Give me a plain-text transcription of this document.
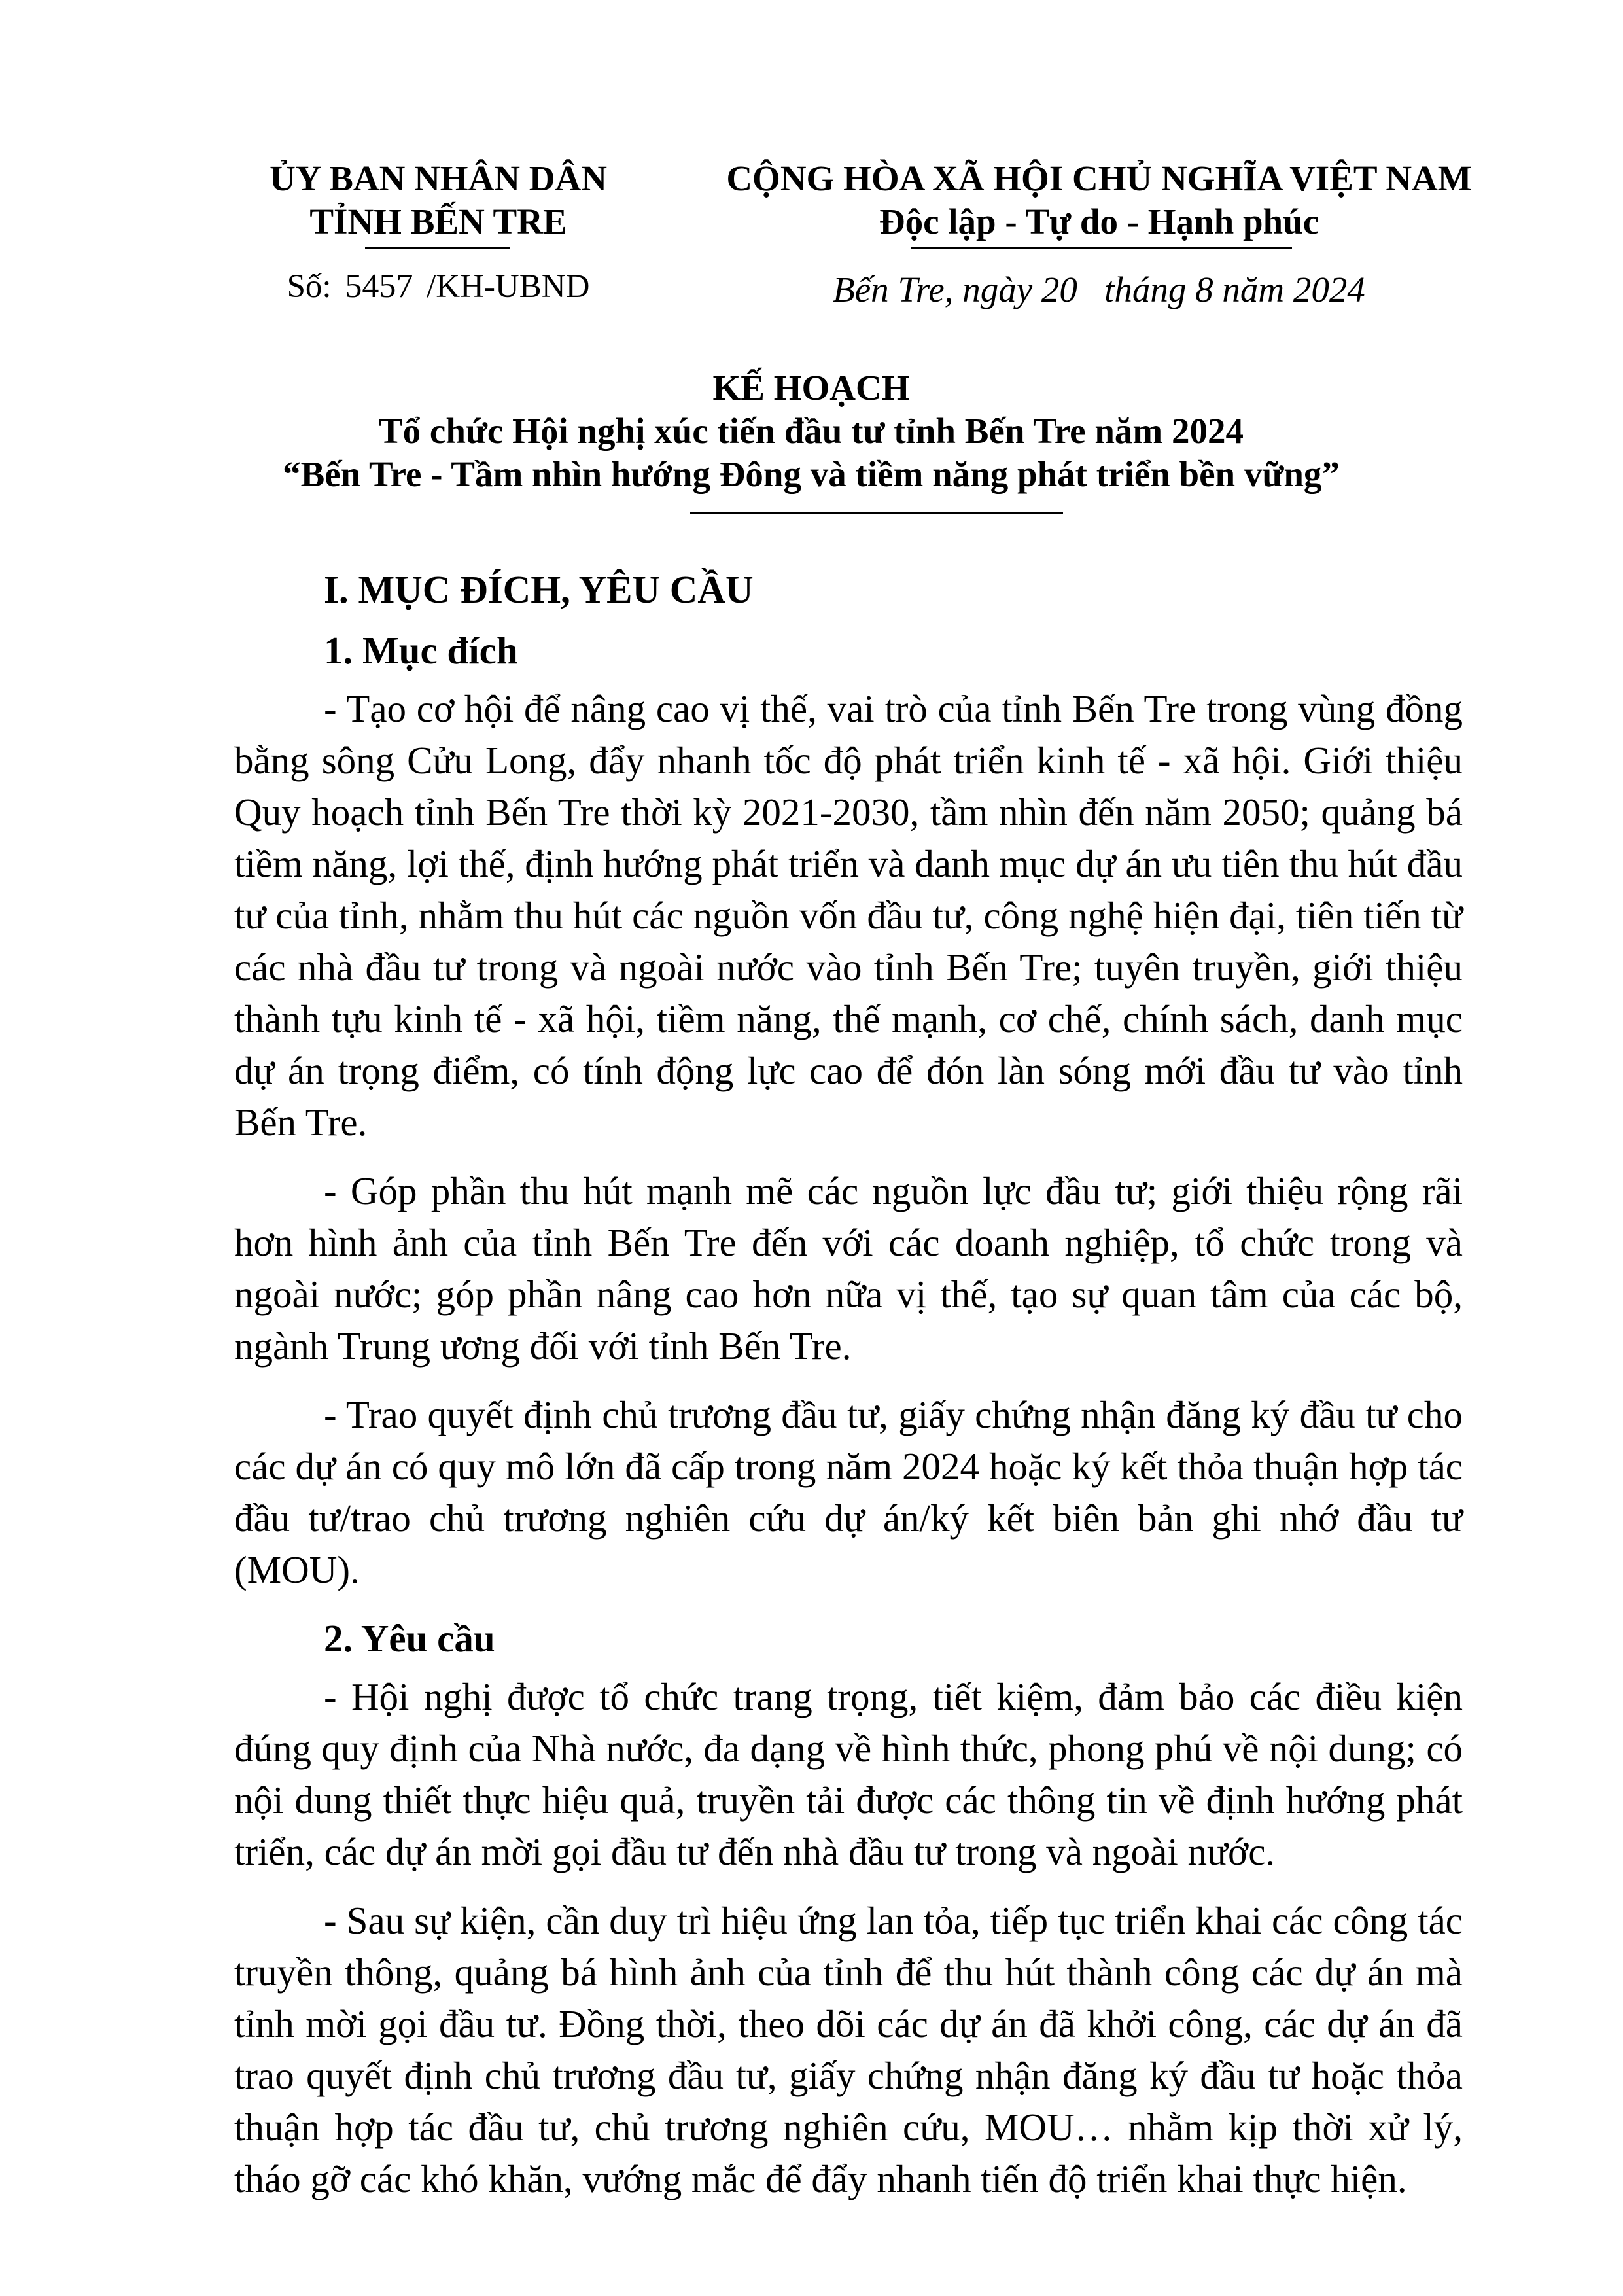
ỦY BAN NHÂN DÂN
TỈNH BẾN TRE
Số: 5457 /KH-UBND
CỘNG HÒA XÃ HỘI CHỦ NGHĨA VIỆT NAM
Độc lập - Tự do - Hạnh phúc
Bến Tre, ngày 20   tháng 8 năm 2024
KẾ HOẠCH
Tổ chức Hội nghị xúc tiến đầu tư tỉnh Bến Tre năm 2024
“Bến Tre - Tầm nhìn hướng Đông và tiềm năng phát triển bền vững”
I. MỤC ĐÍCH, YÊU CẦU
1. Mục đích

- Tạo cơ hội để nâng cao vị thế, vai trò của tỉnh Bến Tre trong vùng đồng bằng sông Cửu Long, đẩy nhanh tốc độ phát triển kinh tế - xã hội. Giới thiệu Quy hoạch tỉnh Bến Tre thời kỳ 2021-2030, tầm nhìn đến năm 2050; quảng bá tiềm năng, lợi thế, định hướng phát triển và danh mục dự án ưu tiên thu hút đầu tư của tỉnh, nhằm thu hút các nguồn vốn đầu tư, công nghệ hiện đại, tiên tiến từ các nhà đầu tư trong và ngoài nước vào tỉnh Bến Tre; tuyên truyền, giới thiệu thành tựu kinh tế - xã hội, tiềm năng, thế mạnh, cơ chế, chính sách, danh mục dự án trọng điểm, có tính động lực cao để đón làn sóng mới đầu tư vào tỉnh Bến Tre.

- Góp phần thu hút mạnh mẽ các nguồn lực đầu tư; giới thiệu rộng rãi hơn hình ảnh của tỉnh Bến Tre đến với các doanh nghiệp, tổ chức trong và ngoài nước; góp phần nâng cao hơn nữa vị thế, tạo sự quan tâm của các bộ, ngành Trung ương đối với tỉnh Bến Tre.

- Trao quyết định chủ trương đầu tư, giấy chứng nhận đăng ký đầu tư cho các dự án có quy mô lớn đã cấp trong năm 2024 hoặc ký kết thỏa thuận hợp tác đầu tư/trao chủ trương nghiên cứu dự án/ký kết biên bản ghi nhớ đầu tư (MOU).

2. Yêu cầu

- Hội nghị được tổ chức trang trọng, tiết kiệm, đảm bảo các điều kiện đúng quy định của Nhà nước, đa dạng về hình thức, phong phú về nội dung; có nội dung thiết thực hiệu quả, truyền tải được các thông tin về định hướng phát triển, các dự án mời gọi đầu tư đến nhà đầu tư trong và ngoài nước.

- Sau sự kiện, cần duy trì hiệu ứng lan tỏa, tiếp tục triển khai các công tác truyền thông, quảng bá hình ảnh của tỉnh để thu hút thành công các dự án mà tỉnh mời gọi đầu tư. Đồng thời, theo dõi các dự án đã khởi công, các dự án đã trao quyết định chủ trương đầu tư, giấy chứng nhận đăng ký đầu tư hoặc thỏa thuận hợp tác đầu tư, chủ trương nghiên cứu, MOU… nhằm kịp thời xử lý, tháo gỡ các khó khăn, vướng mắc để đẩy nhanh tiến độ triển khai thực hiện.
